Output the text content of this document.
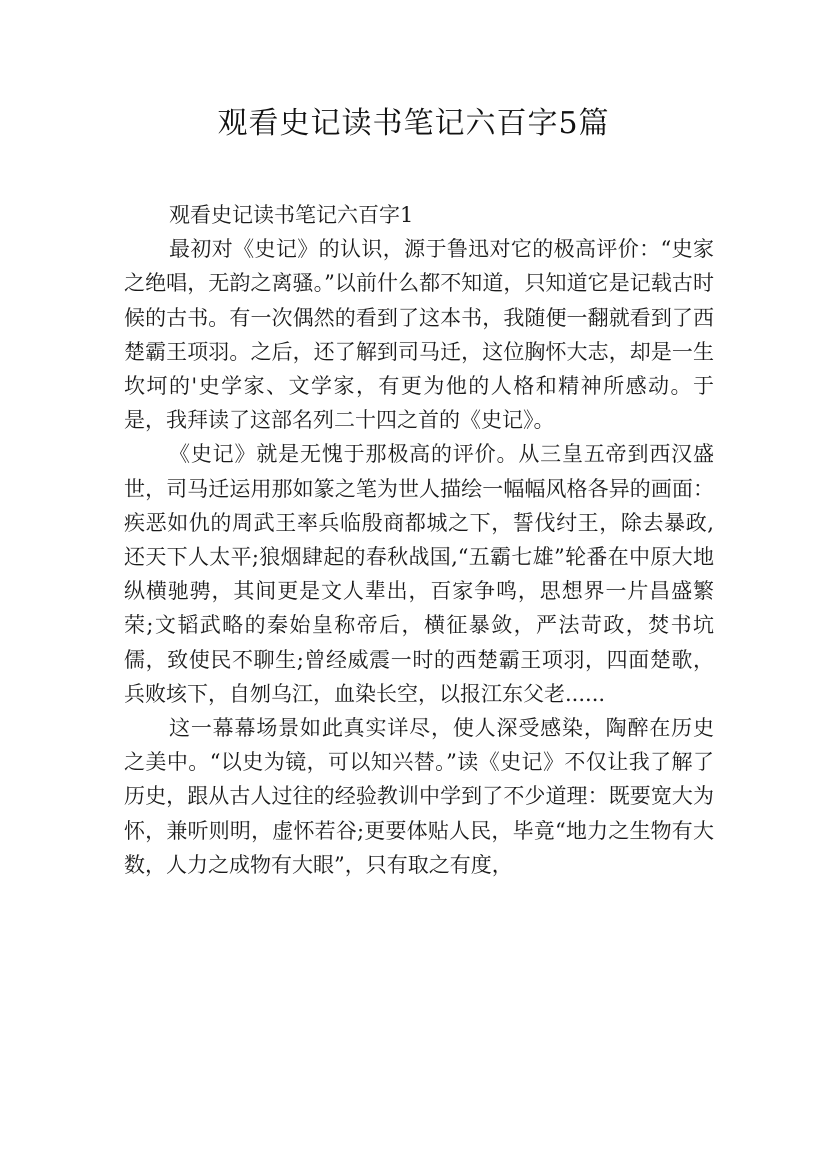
观看史记读书笔记六百字5篇

观看史记读书笔记六百字1

最初对《史记》的认识，源于鲁迅对它的极高评价：“史家之绝唱，无韵之离骚。”以前什么都不知道，只知道它是记载古时候的古书。有一次偶然的看到了这本书，我随便一翻就看到了西楚霸王项羽。之后，还了解到司马迁，这位胸怀大志，却是一生坎坷的'史学家、文学家，有更为他的人格和精神所感动。于是，我拜读了这部名列二十四之首的《史记》。

《史记》就是无愧于那极高的评价。从三皇五帝到西汉盛世，司马迁运用那如篆之笔为世人描绘一幅幅风格各异的画面：疾恶如仇的周武王率兵临殷商都城之下，誓伐纣王，除去暴政,还天下人太平;狼烟肆起的春秋战国,“五霸七雄”轮番在中原大地纵横驰骋，其间更是文人辈出，百家争鸣，思想界一片昌盛繁荣;文韬武略的秦始皇称帝后，横征暴敛，严法苛政，焚书坑儒，致使民不聊生;曾经威震一时的西楚霸王项羽，四面楚歌，兵败垓下，自刎乌江，血染长空，以报江东父老......

这一幕幕场景如此真实详尽，使人深受感染，陶醉在历史之美中。“以史为镜，可以知兴替。”读《史记》不仅让我了解了历史，跟从古人过往的经验教训中学到了不少道理：既要宽大为怀，兼听则明，虚怀若谷;更要体贴人民，毕竟“地力之生物有大数，人力之成物有大眼”，只有取之有度，
